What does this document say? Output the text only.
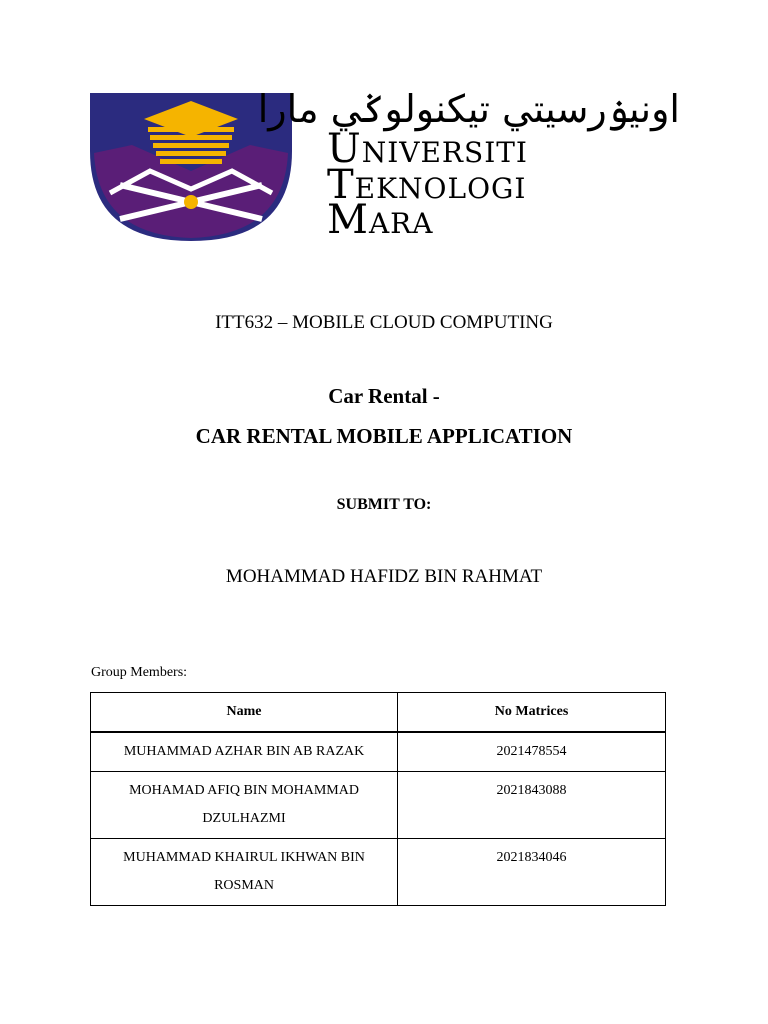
اونيۏرسيتي تيكنولوݢي مارا
Universiti
Teknologi
Mara
ITT632 – MOBILE CLOUD COMPUTING
Car Rental -
CAR RENTAL MOBILE APPLICATION
SUBMIT TO:
MOHAMMAD HAFIDZ BIN RAHMAT
Group Members:
Name	No Matrices
MUHAMMAD AZHAR BIN AB RAZAK	2021478554
MOHAMAD AFIQ BIN MOHAMMAD DZULHAZMI	2021843088
MUHAMMAD KHAIRUL IKHWAN BIN ROSMAN	2021834046
